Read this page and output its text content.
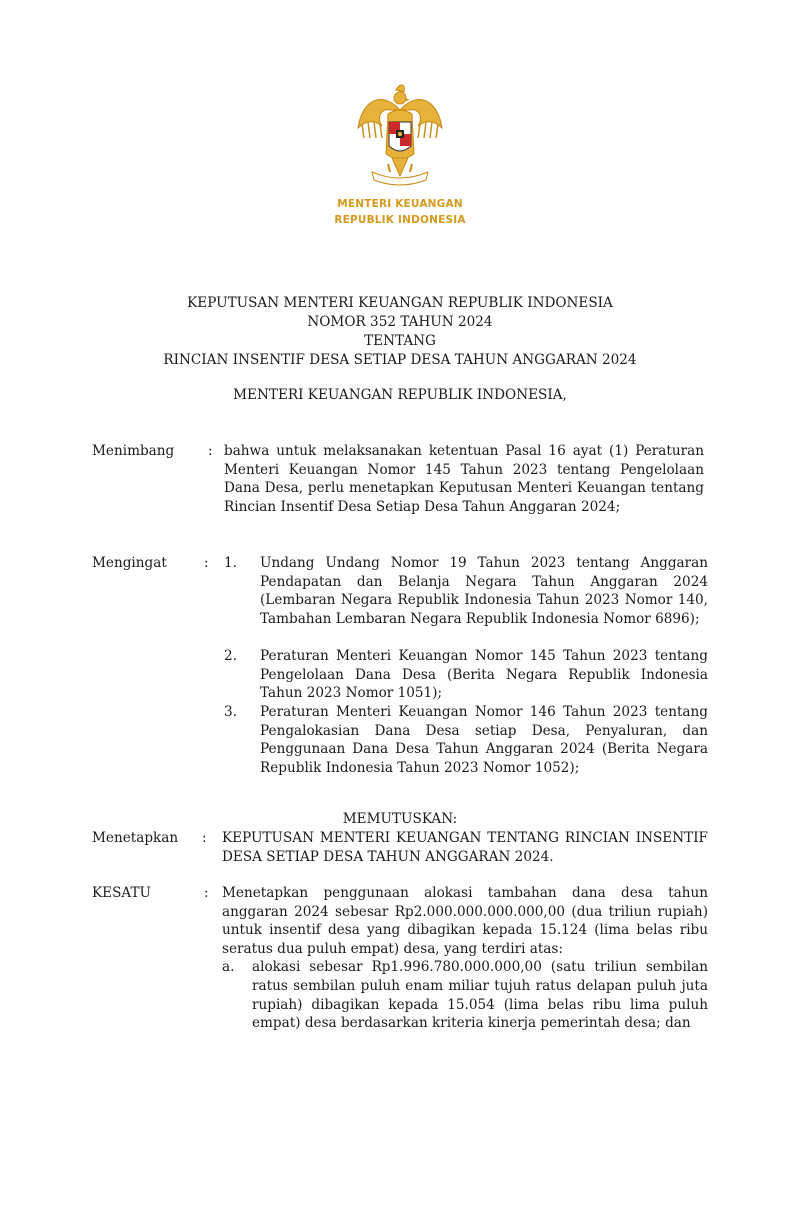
MENTERI KEUANGAN
REPUBLIK INDONESIA
KEPUTUSAN MENTERI KEUANGAN REPUBLIK INDONESIA
NOMOR 352 TAHUN 2024
TENTANG
RINCIAN INSENTIF DESA SETIAP DESA TAHUN ANGGARAN 2024
MENTERI KEUANGAN REPUBLIK INDONESIA,
Menimbang : bahwa untuk melaksanakan ketentuan Pasal 16 ayat (1) Peraturan Menteri Keuangan Nomor 145 Tahun 2023 tentang Pengelolaan Dana Desa, perlu menetapkan Keputusan Menteri Keuangan tentang Rincian Insentif Desa Setiap Desa Tahun Anggaran 2024;

Mengingat	: 1. Undang Undang Nomor 19 Tahun 2023 tentang Anggaran Pendapatan dan Belanja Negara Tahun Anggaran 2024 (Lembaran Negara Republik Indonesia Tahun 2023 Nomor 140, Tambahan Lembaran Negara Republik Indonesia Nomor 6896);

2. Peraturan Menteri Keuangan Nomor 145 Tahun 2023 tentang Pengelolaan Dana Desa (Berita Negara Republik Indonesia Tahun 2023 Nomor 1051);

3. Peraturan Menteri Keuangan Nomor 146 Tahun 2023 tentang Pengalokasian Dana Desa setiap Desa, Penyaluran, dan Penggunaan Dana Desa Tahun Anggaran 2024 (Berita Negara Republik Indonesia Tahun 2023 Nomor 1052);

MEMUTUSKAN:
Menetapkan : KEPUTUSAN MENTERI KEUANGAN TENTANG RINCIAN INSENTIF DESA SETIAP DESA TAHUN ANGGARAN 2024.

KESATU	: Menetapkan penggunaan alokasi tambahan dana desa tahun anggaran 2024 sebesar Rp2.000.000.000.000,00 (dua triliun rupiah) untuk insentif desa yang dibagikan kepada 15.124 (lima belas ribu seratus dua puluh empat) desa, yang terdiri atas:

a. alokasi sebesar Rp1.996.780.000.000,00 (satu triliun sembilan ratus sembilan puluh enam miliar tujuh ratus delapan puluh juta rupiah) dibagikan kepada 15.054 (lima belas ribu lima puluh empat) desa berdasarkan kriteria kinerja pemerintah desa; dan
